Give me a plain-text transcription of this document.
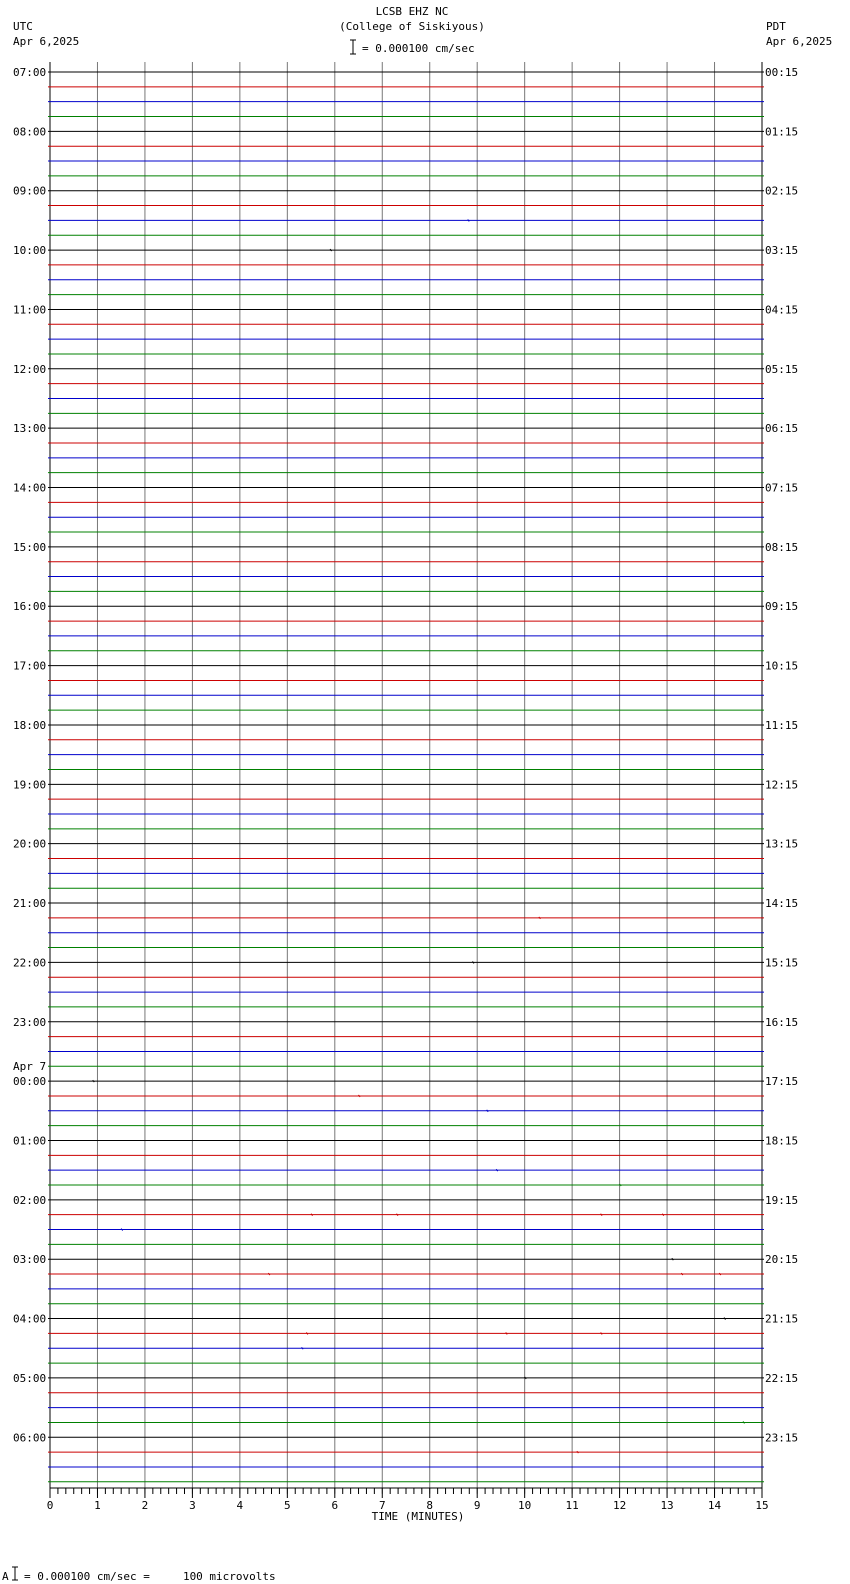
LCSB EHZ NC
(College of Siskiyous)
UTC
Apr 6,2025
PDT
Apr 6,2025
= 0.000100 cm/sec
07:00
08:00
09:00
10:00
11:00
12:00
13:00
14:00
15:00
16:00
17:00
18:00
19:00
20:00
21:00
22:00
23:00
00:00
01:00
02:00
03:00
04:00
05:00
06:00
00:15
01:15
02:15
03:15
04:15
05:15
06:15
07:15
08:15
09:15
10:15
11:15
12:15
13:15
14:15
15:15
16:15
17:15
18:15
19:15
20:15
21:15
22:15
23:15
Apr 7
0	1	2	3	4	5	6	7	8	9	10	11	12	13	14	15
TIME (MINUTES)
A = 0.000100 cm/sec =     100 microvolts
